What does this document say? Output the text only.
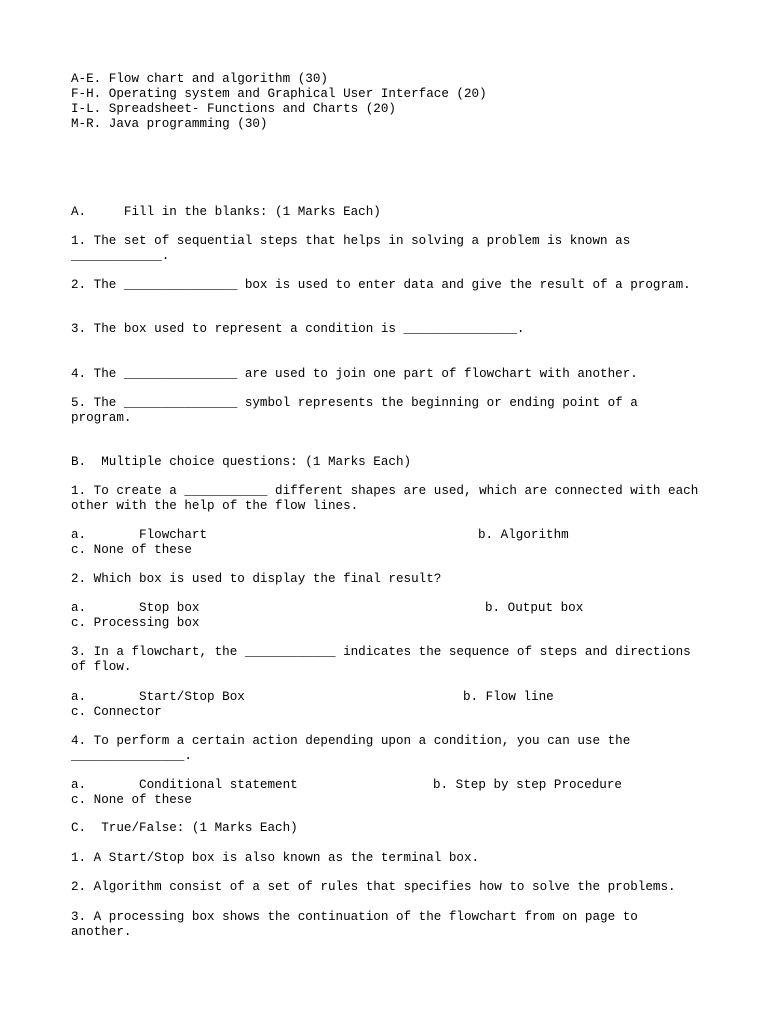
A-E. Flow chart and algorithm (30)
F-H. Operating system and Graphical User Interface (20)
I-L. Spreadsheet- Functions and Charts (20)
M-R. Java programming (30)
A.     Fill in the blanks: (1 Marks Each)
1. The set of sequential steps that helps in solving a problem is known as
____________.
2. The _______________ box is used to enter data and give the result of a program.
3. The box used to represent a condition is _______________.
4. The _______________ are used to join one part of flowchart with another.
5. The _______________ symbol represents the beginning or ending point of a
program.
B.  Multiple choice questions: (1 Marks Each)
1. To create a ___________ different shapes are used, which are connected with each
other with the help of the flow lines.
a.       Flowchart	b. Algorithm
c. None of these
2. Which box is used to display the final result?
a.       Stop box	b. Output box
c. Processing box
3. In a flowchart, the ____________ indicates the sequence of steps and directions
of flow.
a.       Start/Stop Box	b. Flow line
c. Connector
4. To perform a certain action depending upon a condition, you can use the
_______________.
a.       Conditional statement	b. Step by step Procedure
c. None of these
C.  True/False: (1 Marks Each)
1. A Start/Stop box is also known as the terminal box.
2. Algorithm consist of a set of rules that specifies how to solve the problems.
3. A processing box shows the continuation of the flowchart from on page to
another.
